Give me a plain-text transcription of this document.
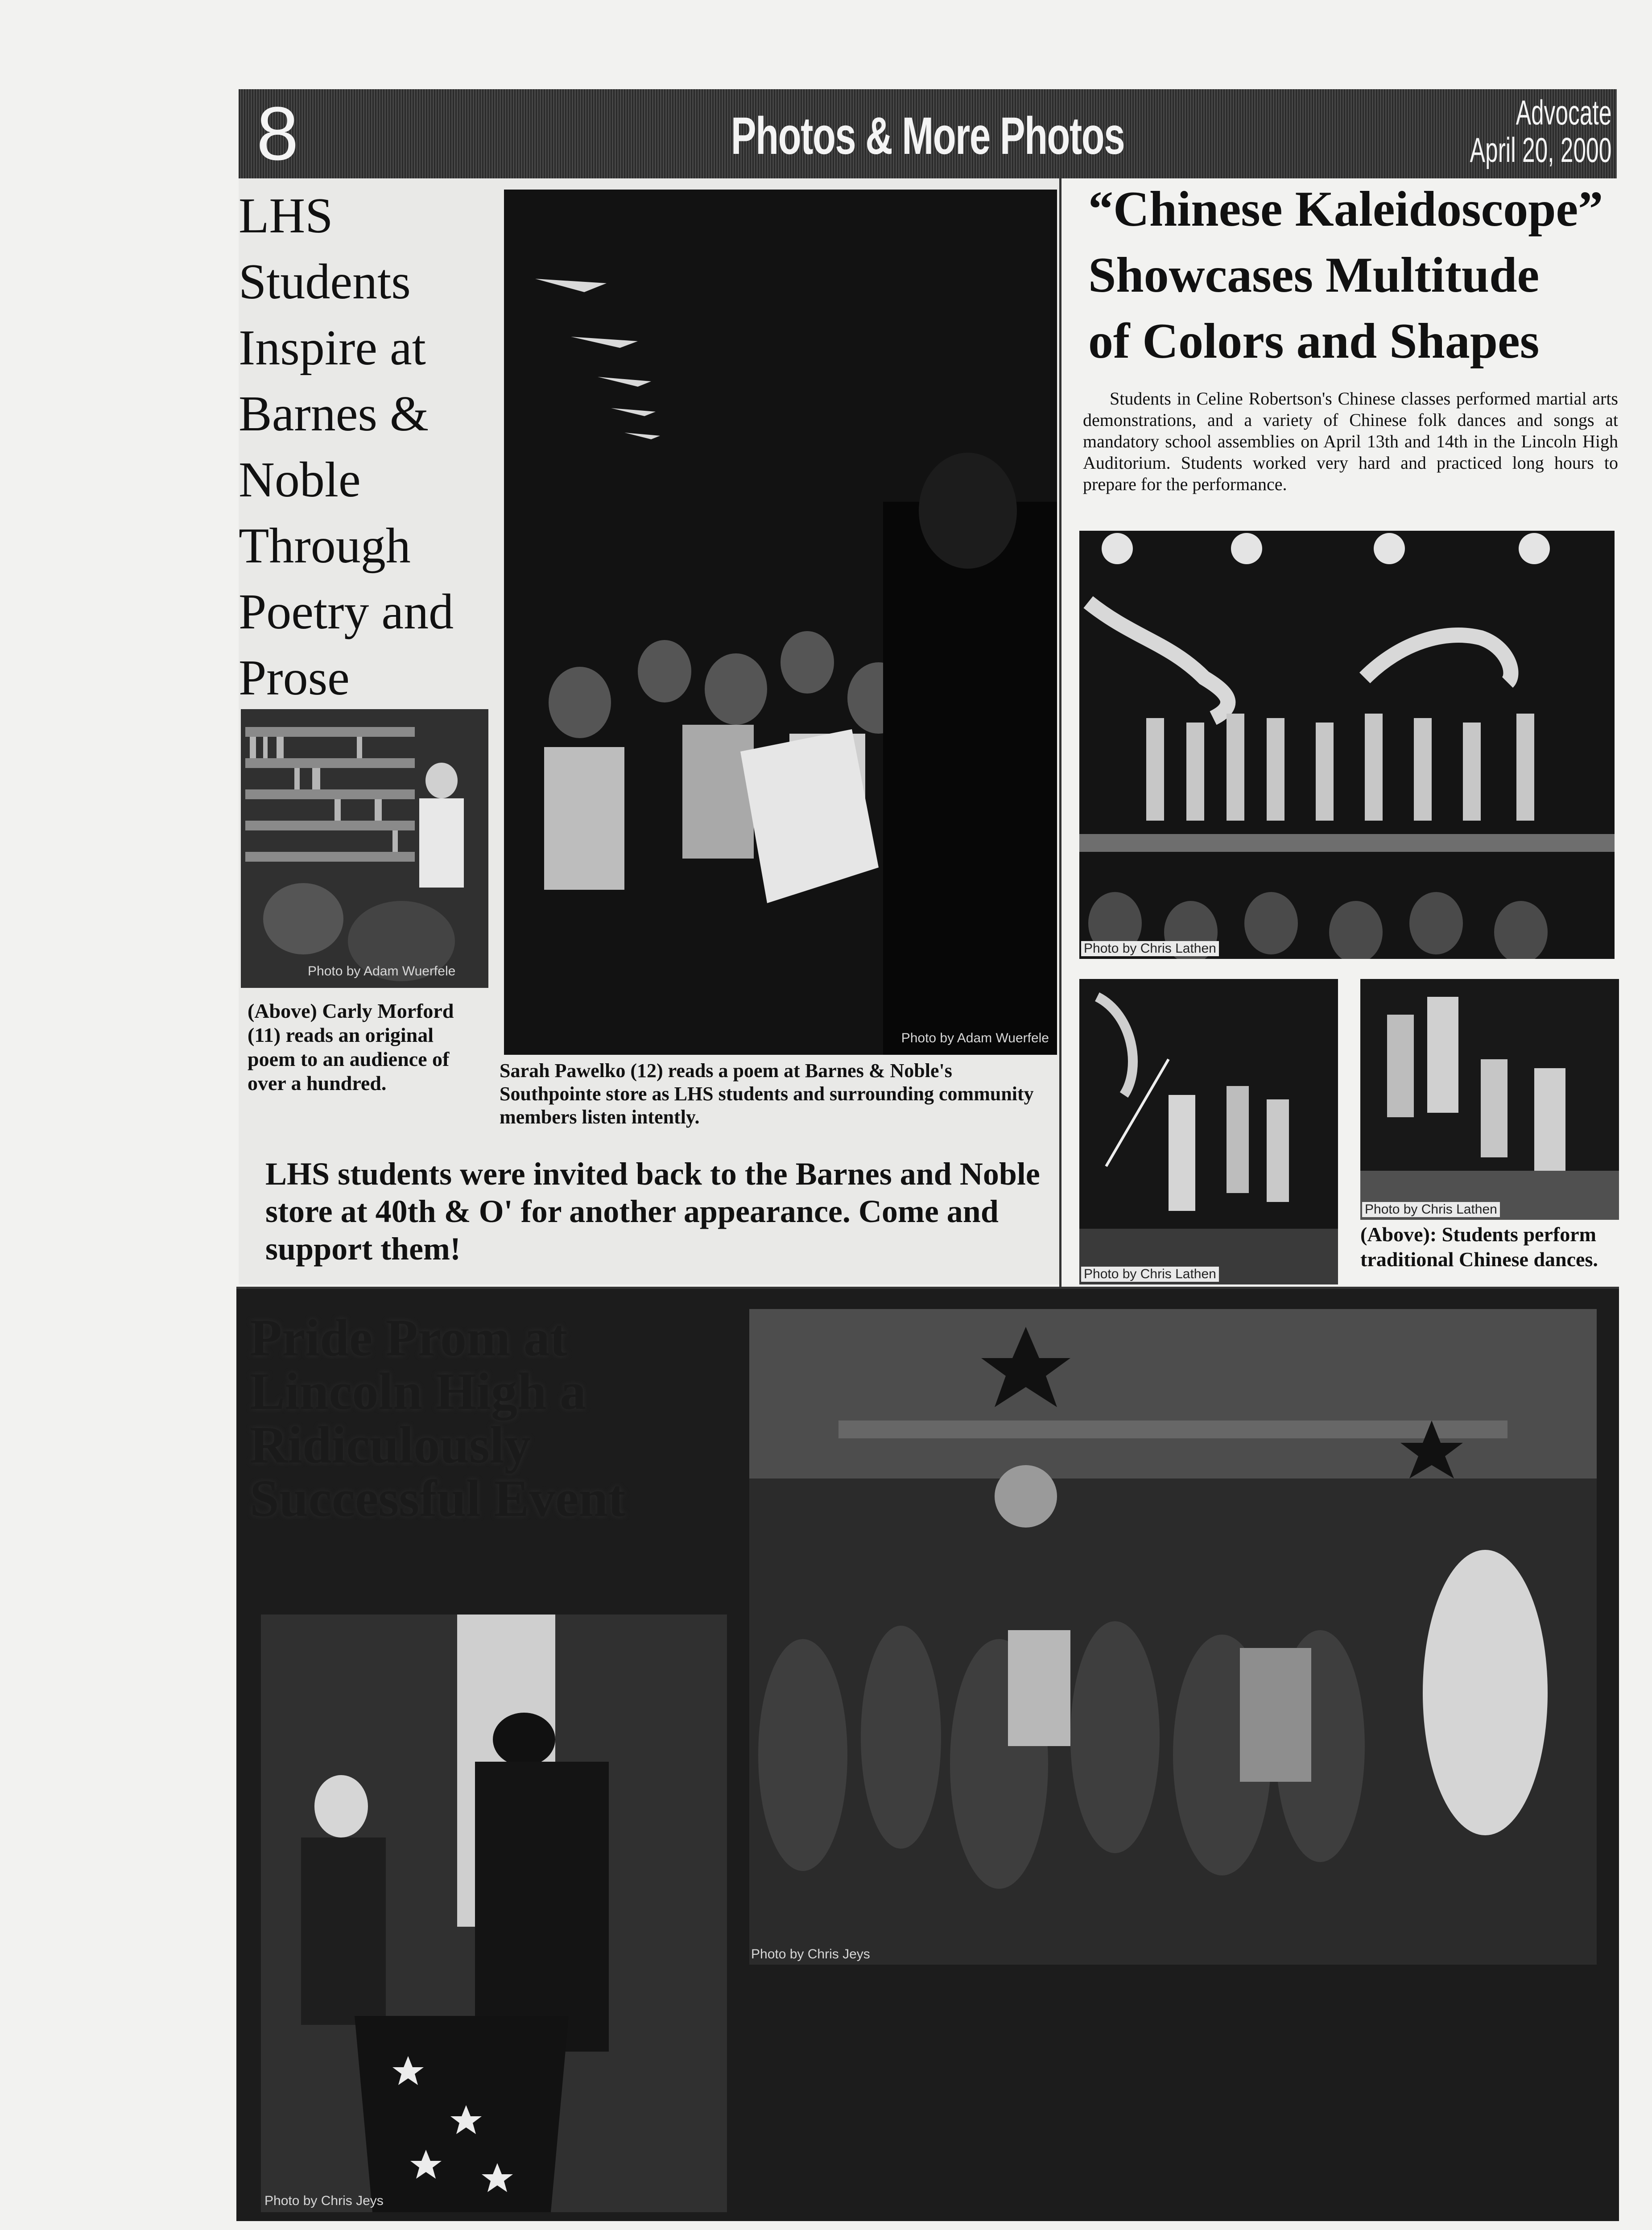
8	Photos & More Photos	Advocate
April 20, 2000
LHS Students Inspire at Barnes & Noble Through Poetry and Prose
Photo by Adam Wuerfele
(Above) Carly Morford (11) reads an original poem to an audience of over a hundred.
Photo by Adam Wuerfele
Sarah Pawelko (12) reads a poem at Barnes & Noble's Southpointe store as LHS students and surrounding community members listen intently.
LHS students were invited back to the Barnes and Noble store at 40th & O' for another appearance. Come and support them!
“Chinese Kaleidoscope”
Showcases Multitude
of Colors and Shapes
Students in Celine Robertson's Chinese classes performed martial arts demonstrations, and a variety of Chinese folk dances and songs at mandatory school assemblies on April 13th and 14th in the Lincoln High Auditorium. Students worked very hard and practiced long hours to prepare for the performance.
Photo by Chris Lathen
Photo by Chris Lathen
Photo by Chris Lathen
(Above): Students perform traditional Chinese dances.
Pride Prom at Lincoln High a Ridiculously Successful Event
Photo by Chris Jeys
Photo by Chris Jeys
